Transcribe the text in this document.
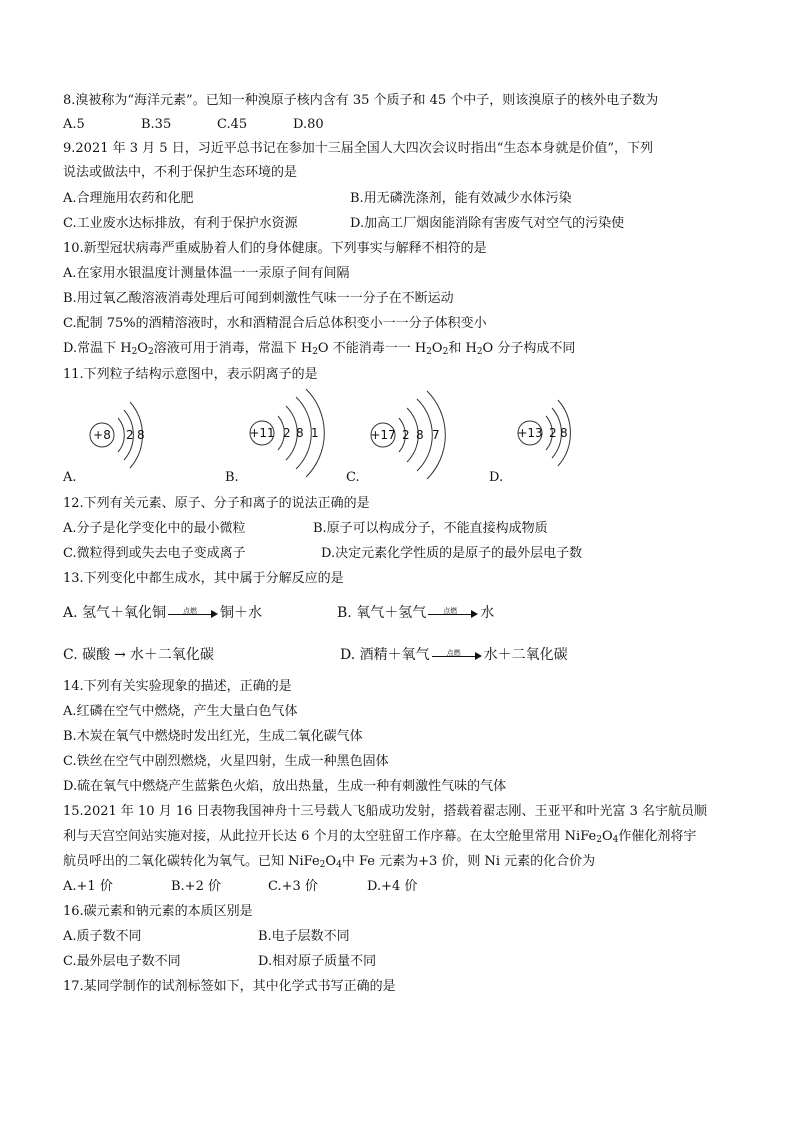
8.溴被称为“海洋元素”。已知一种溴原子核内含有 35 个质子和 45 个中子，则该溴原子的核外电子数为
A.5	B.35	C.45	D.80
9.2021 年 3 月 5 日，习近平总书记在参加十三届全国人大四次会议时指出“生态本身就是价值”，下列
说法或做法中，不利于保护生态环境的是
A.合理施用农药和化肥	B.用无磷洗涤剂，能有效减少水体污染
C.工业废水达标排放，有利于保护水资源	D.加高工厂烟囱能消除有害废气对空气的污染使
10.新型冠状病毒严重威胁着人们的身体健康。下列事实与解释不相符的是
A.在家用水银温度计测量体温一一汞原子间有间隔
B.用过氧乙酸溶液消毒处理后可闻到刺激性气味一一分子在不断运动
C.配制 75%的酒精溶液时，水和酒精混合后总体积变小一一分子体积变小
D.常温下 $H_2O_2$溶液可用于消毒，常温下 $H_2O$ 不能消毒一一 $H_2O_2$和 $H_2O$ 分子构成不同
11.下列粒子结构示意图中，表示阴离子的是
+8 2 8	+11 2 8 1	+17 2 8 7	+13 2 8
A.	B.	C.	D.
12.下列有关元素、原子、分子和离子的说法正确的是
A.分子是化学变化中的最小微粒	B.原子可以构成分子，不能直接构成物质
C.微粒得到或失去电子变成离子	D.决定元素化学性质的是原子的最外层电子数
13.下列变化中都生成水，其中属于分解反应的是
A. 氢气＋氧化铜	点燃	铜＋水	B. 氧气＋氢气	点燃	水
C. 碳酸 → 水＋二氧化碳	D. 酒精＋氧气	点燃	水＋二氧化碳
14.下列有关实验现象的描述，正确的是
A.红磷在空气中燃烧，产生大量白色气体
B.木炭在氧气中燃烧时发出红光，生成二氧化碳气体
C.铁丝在空气中剧烈燃烧，火星四射，生成一种黑色固体
D.硫在氧气中燃烧产生蓝紫色火焰，放出热量，生成一种有刺激性气味的气体
15.2021 年 10 月 16 日表物我国神舟十三号载人飞船成功发射，搭载着翟志刚、王亚平和叶光富 3 名宇航员顺
利与天宫空间站实施对接，从此拉开长达 6 个月的太空驻留工作序幕。在太空舱里常用 $NiFe_2O_4$作催化剂将宇
航员呼出的二氧化碳转化为氧气。已知 $NiFe_2O_4$中 Fe 元素为+3 价，则 Ni 元素的化合价为
A.+1 价	B.+2 价	C.+3 价	D.+4 价
16.碳元素和钠元素的本质区别是
A.质子数不同	B.电子层数不同
C.最外层电子数不同	D.相对原子质量不同
17.某同学制作的试剂标签如下，其中化学式书写正确的是
